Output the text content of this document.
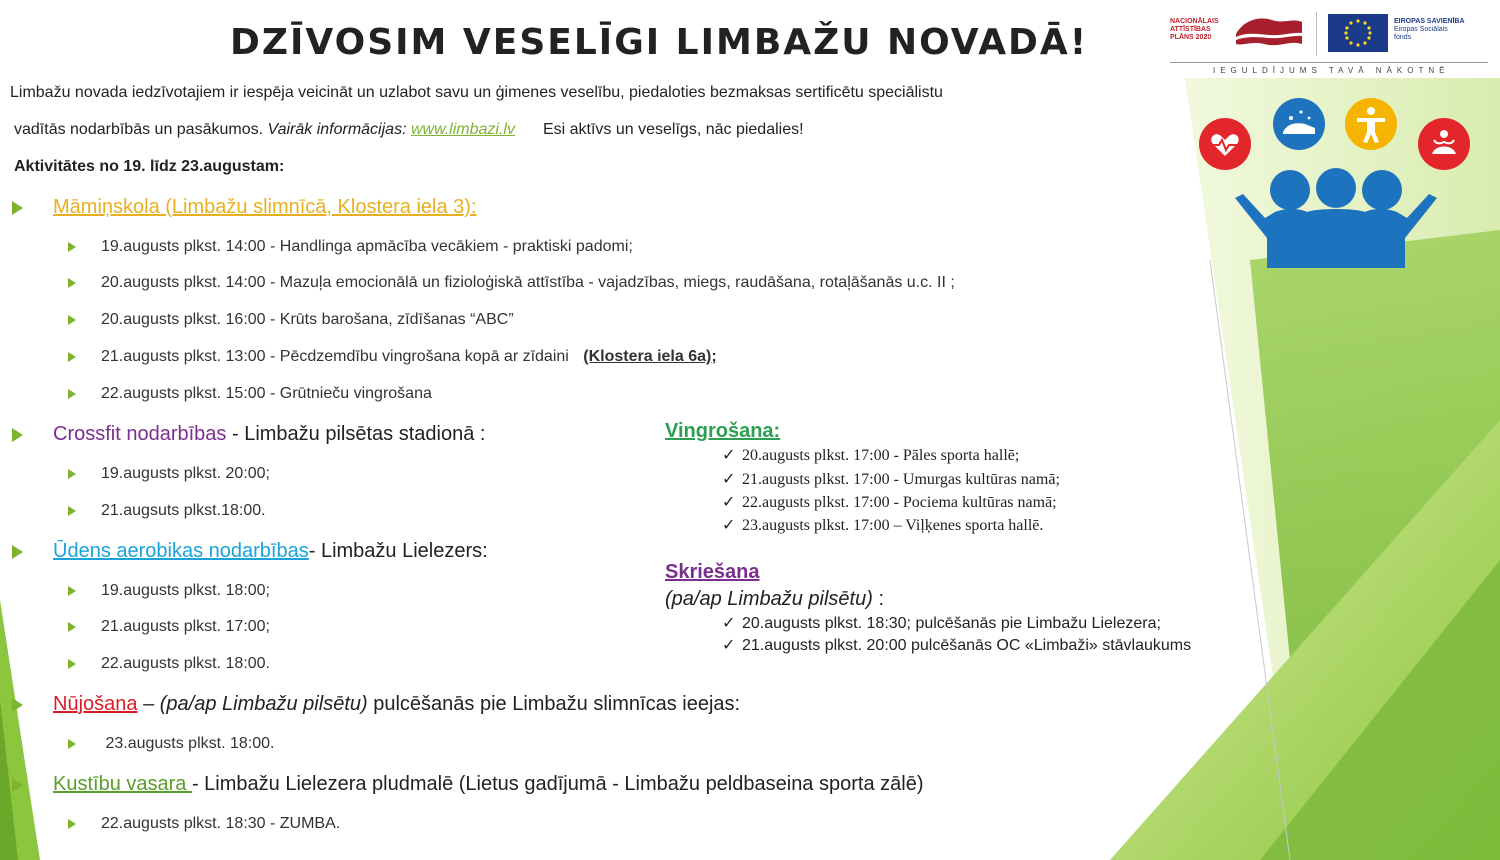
NACIONĀLAIS
ATTĪSTĪBAS
PLĀNS 2020
EIROPAS SAVIENĪBA
Eiropas Sociālais
fonds
IEGULDĪJUMS TAVĀ NĀKOTNĒ
DZĪVOSIM VESELĪGI LIMBAŽU NOVADĀ!
Limbažu novada iedzīvotajiem ir iespēja veicināt un uzlabot savu un ģimenes veselību, piedaloties bezmaksas sertificētu speciālistu
vadītās nodarbībās un pasākumos. Vairāk informācijas: www.limbazi.lv Esi aktīvs un veselīgs, nāc piedalies!
Aktivitātes no 19. līdz 23.augustam:
Māmiņskola (Limbažu slimnīcā, Klostera iela 3):
19.augusts plkst. 14:00 - Handlinga apmācība vecākiem - praktiski padomi;
20.augusts plkst. 14:00 - Mazuļa emocionālā un fizioloģiskā attīstība - vajadzības, miegs, raudāšana, rotaļāšanās u.c. II ;
20.augusts plkst. 16:00 - Krūts barošana, zīdīšanas “ABC”
21.augusts plkst. 13:00 - Pēcdzemdību vingrošana kopā ar zīdaini (Klostera iela 6a);
22.augusts plkst. 15:00 - Grūtnieču vingrošana
Crossfit nodarbības - Limbažu pilsētas stadionā :
19.augusts plkst. 20:00;
21.augsuts plkst.18:00.
Ūdens aerobikas nodarbības- Limbažu Lielezers:
19.augusts plkst. 18:00;
21.augusts plkst. 17:00;
22.augusts plkst. 18:00.
Nūjošana – (pa/ap Limbažu pilsētu) pulcēšanās pie Limbažu slimnīcas ieejas:
23.augusts plkst. 18:00.
Kustību vasara - Limbažu Lielezera pludmalē (Lietus gadījumā - Limbažu peldbaseina sporta zālē)
22.augusts plkst. 18:30 - ZUMBA.
Vingrošana:
✓ 20.augusts plkst. 17:00 - Pāles sporta hallē;
✓ 21.augusts plkst. 17:00 - Umurgas kultūras namā;
✓ 22.augusts plkst. 17:00 - Pociema kultūras namā;
✓ 23.augusts plkst. 17:00 – Viļķenes sporta hallē.
Skriešana
(pa/ap Limbažu pilsētu) :
✓ 20.augusts plkst. 18:30; pulcēšanās pie Limbažu Lielezera;
✓ 21.augusts plkst. 20:00 pulcēšanās OC «Limbaži» stāvlaukums
